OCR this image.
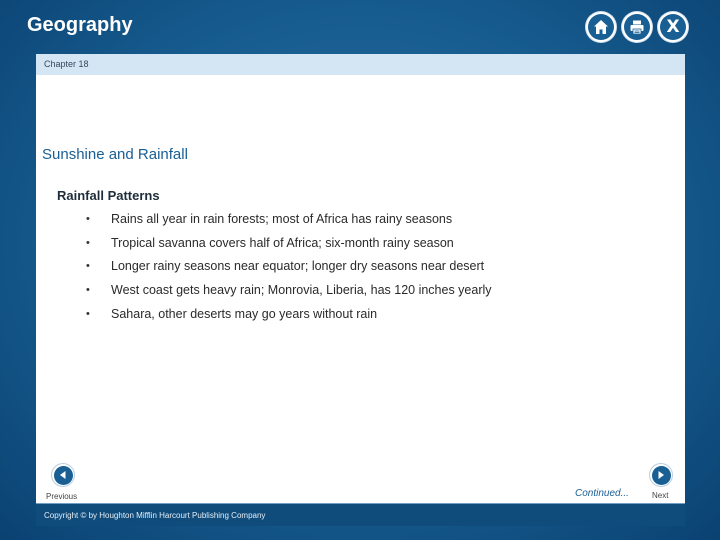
Geography	X
Chapter 18
Sunshine and Rainfall
Rainfall Patterns
•	Rains all year in rain forests; most of Africa has rainy seasons
•	Tropical savanna covers half of Africa; six-month rainy season
•	Longer rainy seasons near equator; longer dry seasons near desert
•	West coast gets heavy rain; Monrovia, Liberia, has 120 inches yearly
•	Sahara, other deserts may go years without rain
Previous	Continued...	Next
Copyright © by Houghton Mifflin Harcourt Publishing Company
